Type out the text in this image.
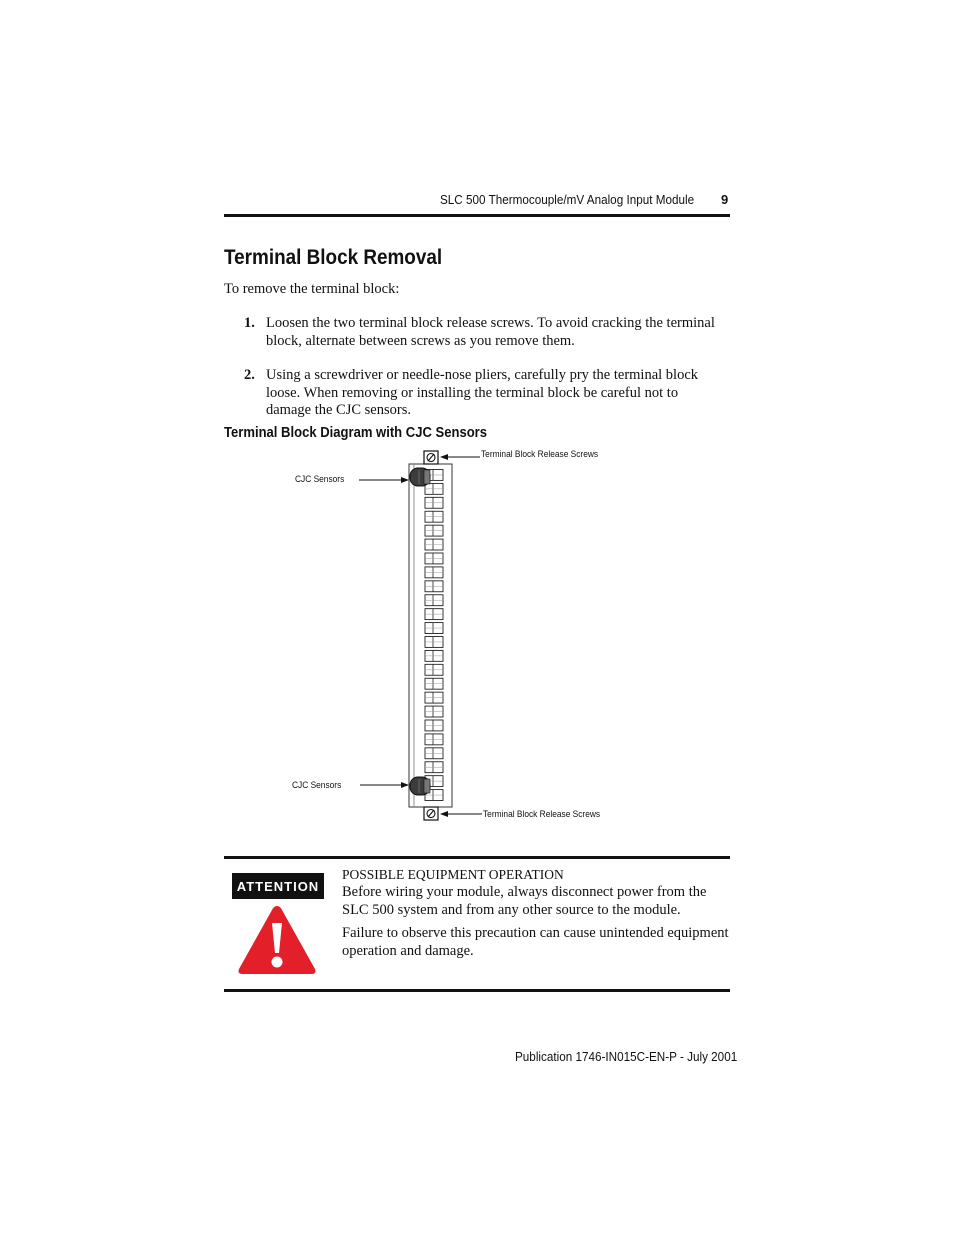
SLC 500 Thermocouple/mV Analog Input Module 9
Terminal Block Removal
To remove the terminal block:
1. Loosen the two terminal block release screws. To avoid cracking the terminal block, alternate between screws as you remove them.
2. Using a screwdriver or needle-nose pliers, carefully pry the terminal block loose. When removing or installing the terminal block be careful not to damage the CJC sensors.
Terminal Block Diagram with CJC Sensors
Terminal Block Release Screws
Terminal Block Release Screws
CJC Sensors
CJC Sensors
ATTENTION
POSSIBLE EQUIPMENT OPERATION
Before wiring your module, always disconnect power from the SLC 500 system and from any other source to the module.
Failure to observe this precaution can cause unintended equipment operation and damage.
Publication 1746-IN015C-EN-P - July 2001
